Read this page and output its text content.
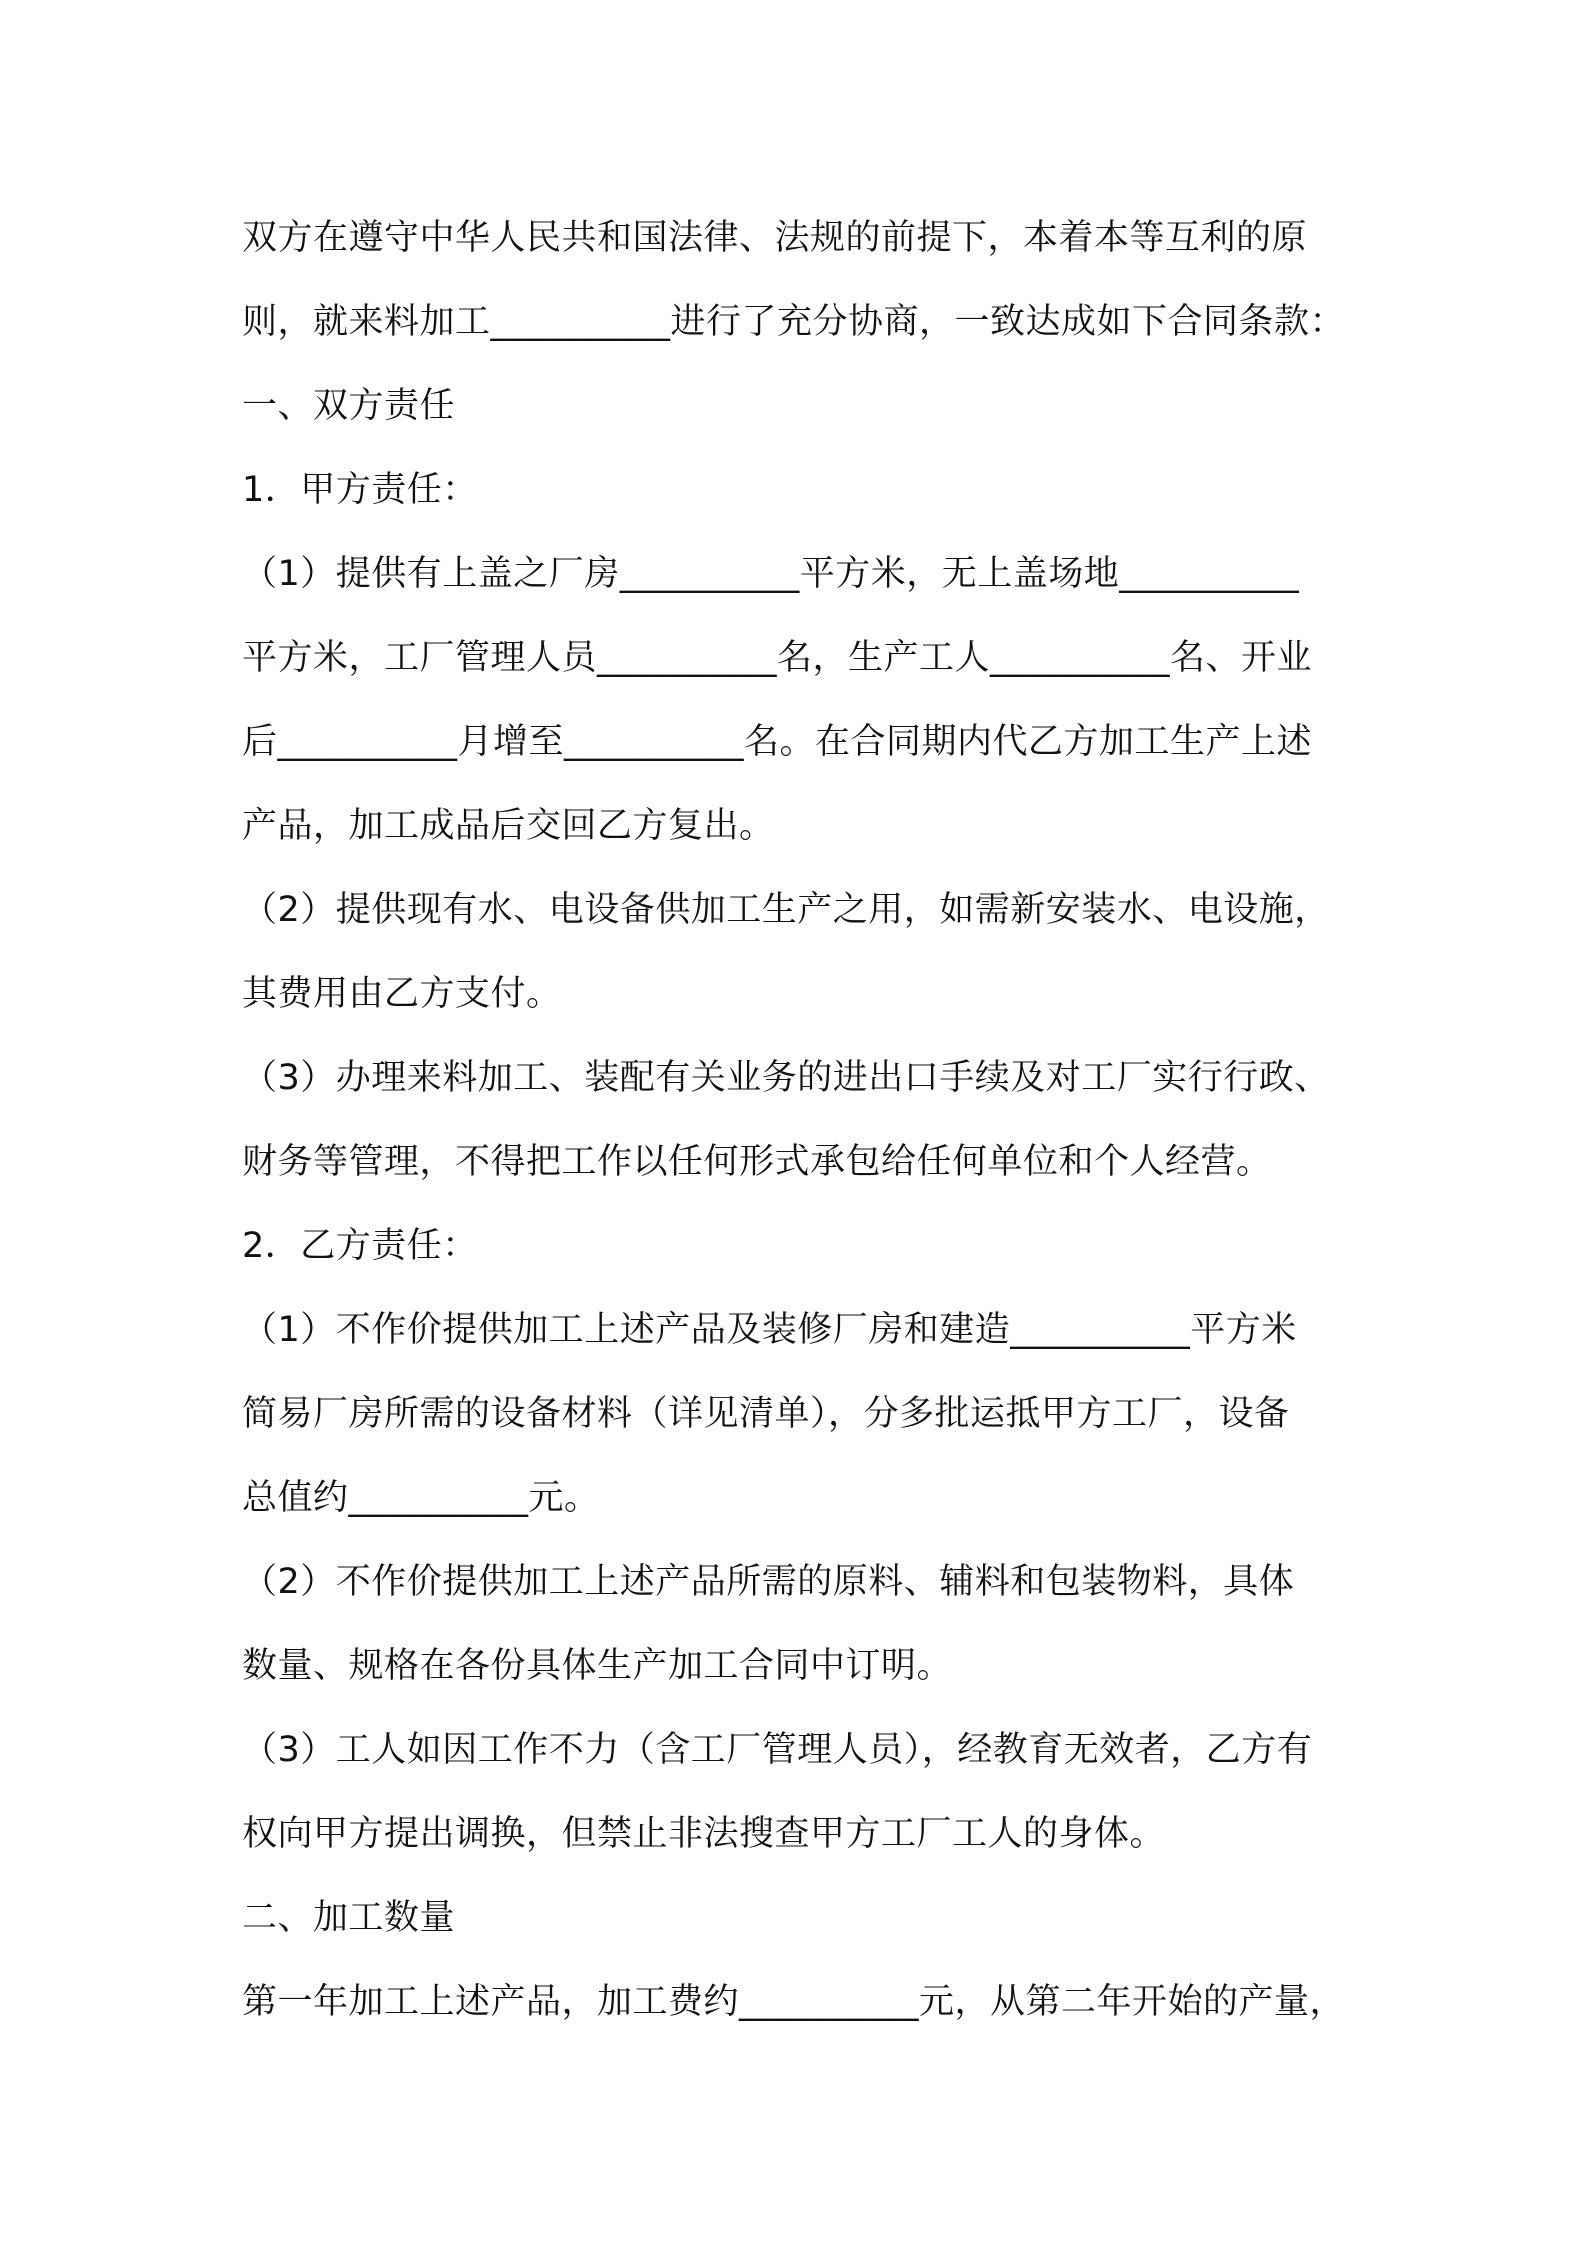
双方在遵守中华人民共和国法律、法规的前提下，本着本等互利的原
则，就来料加工__________进行了充分协商，一致达成如下合同条款：
一、双方责任
1．甲方责任：
（1）提供有上盖之厂房__________平方米，无上盖场地__________
平方米，工厂管理人员__________名，生产工人__________名、开业
后__________月增至__________名。在合同期内代乙方加工生产上述
产品，加工成品后交回乙方复出。
（2）提供现有水、电设备供加工生产之用，如需新安装水、电设施，
其费用由乙方支付。
（3）办理来料加工、装配有关业务的进出口手续及对工厂实行行政、
财务等管理，不得把工作以任何形式承包给任何单位和个人经营。
2．乙方责任：
（1）不作价提供加工上述产品及装修厂房和建造__________平方米
简易厂房所需的设备材料（详见清单），分多批运抵甲方工厂，设备
总值约__________元。
（2）不作价提供加工上述产品所需的原料、辅料和包装物料，具体
数量、规格在各份具体生产加工合同中订明。
（3）工人如因工作不力（含工厂管理人员），经教育无效者，乙方有
权向甲方提出调换，但禁止非法搜查甲方工厂工人的身体。
二、加工数量
第一年加工上述产品，加工费约__________元，从第二年开始的产量，
